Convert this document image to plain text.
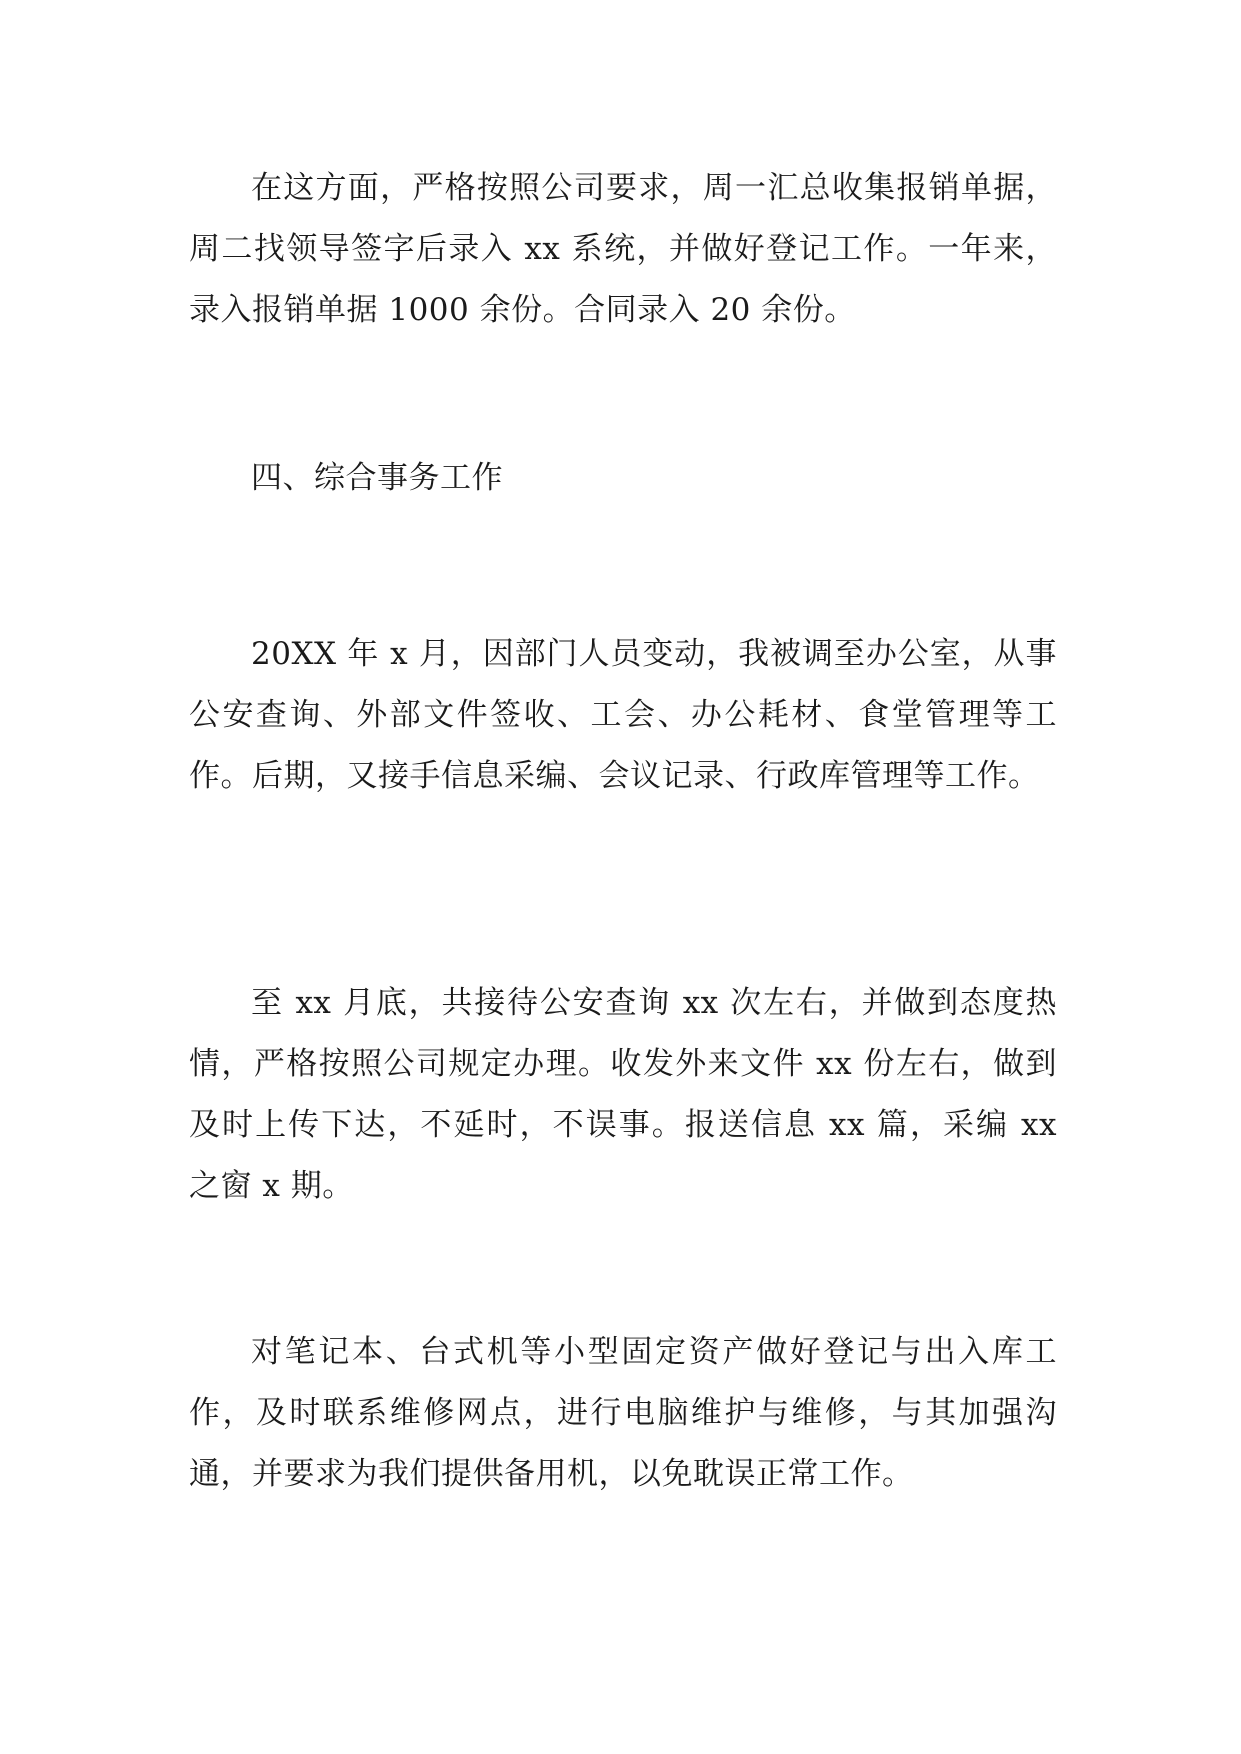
在这方面，严格按照公司要求，周一汇总收集报销单据，周二找领导签字后录入 xx 系统，并做好登记工作。一年来，录入报销单据 1000 余份。合同录入 20 余份。

四、综合事务工作

20XX 年 x 月，因部门人员变动，我被调至办公室，从事公安查询、外部文件签收、工会、办公耗材、食堂管理等工作。后期，又接手信息采编、会议记录、行政库管理等工作。

至 xx 月底，共接待公安查询 xx 次左右，并做到态度热情，严格按照公司规定办理。收发外来文件 xx 份左右，做到及时上传下达，不延时，不误事。报送信息 xx 篇，采编 xx 之窗 x 期。

对笔记本、台式机等小型固定资产做好登记与出入库工作，及时联系维修网点，进行电脑维护与维修，与其加强沟通，并要求为我们提供备用机，以免耽误正常工作。
